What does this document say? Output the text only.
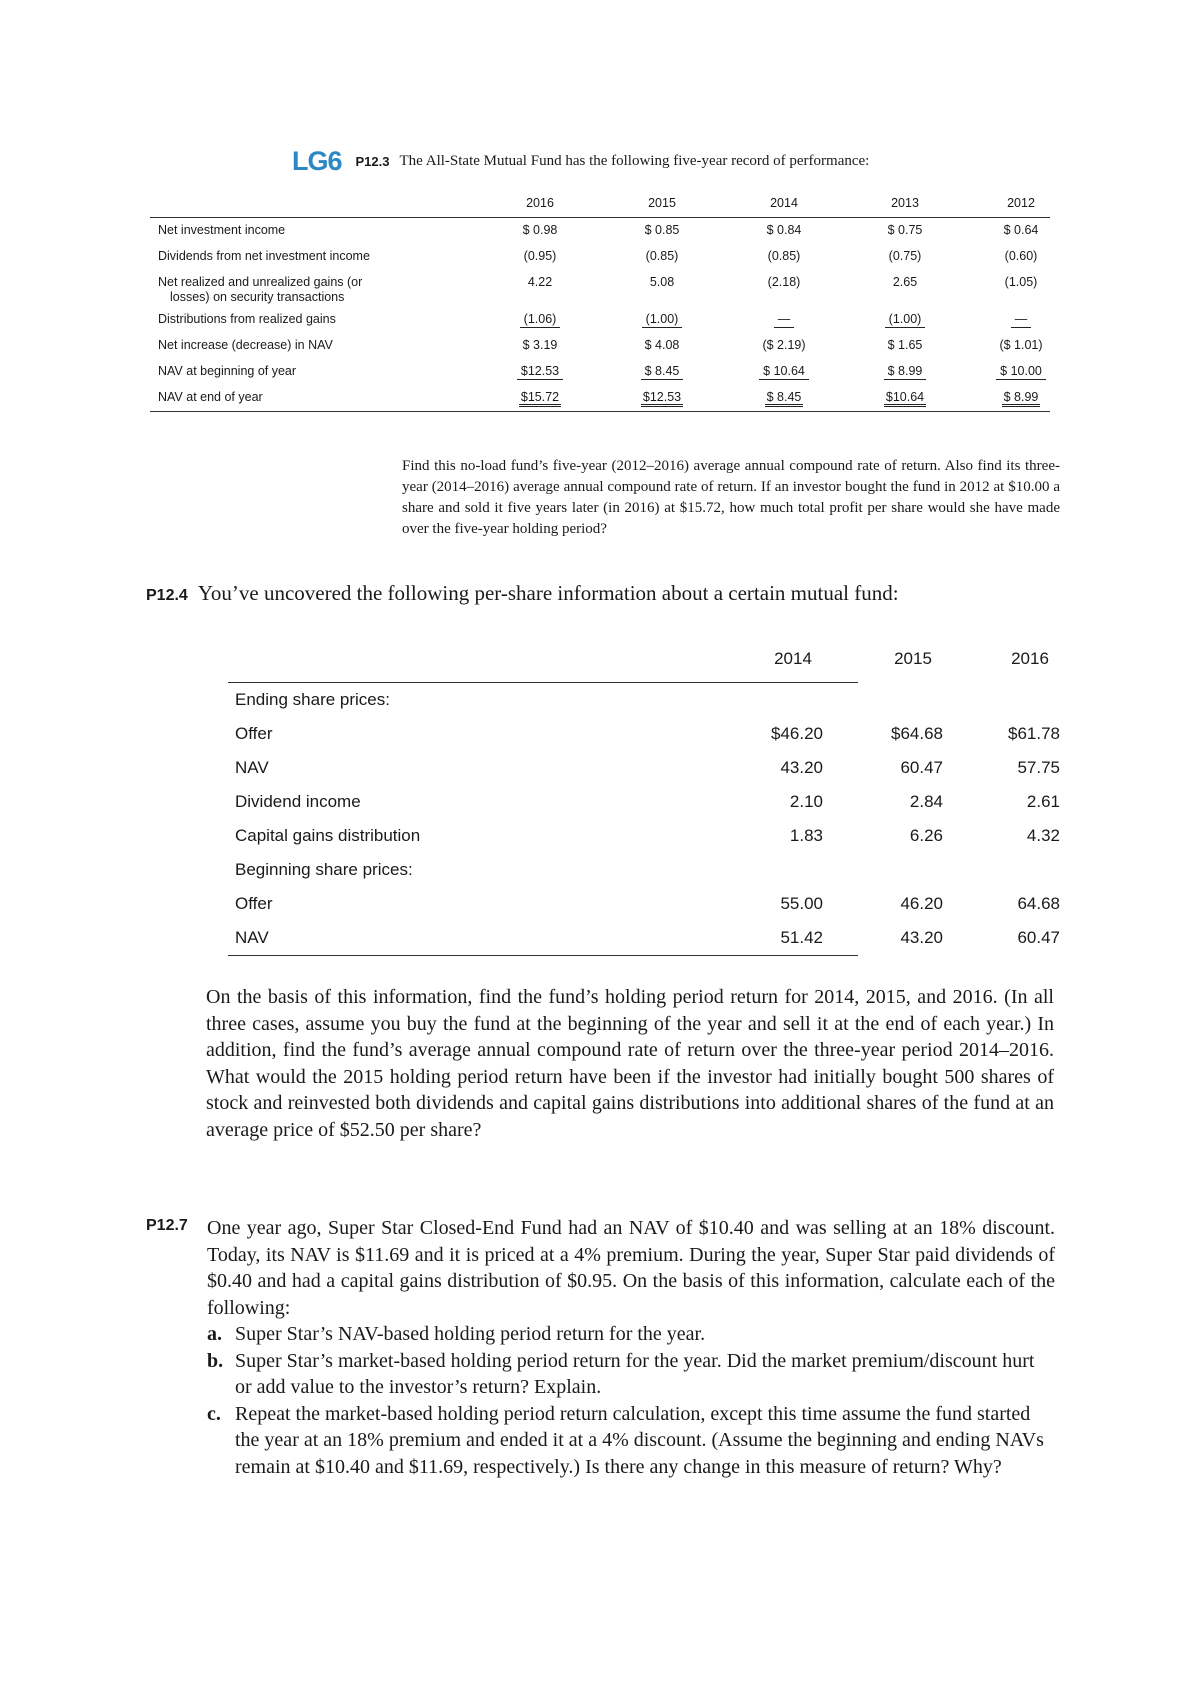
LG6 P12.3 The All-State Mutual Fund has the following five-year record of performance:
2016	2015	2014	2013	2012
Net investment income	$ 0.98	$ 0.85	$ 0.84	$ 0.75	$ 0.64
Dividends from net investment income	(0.95)	(0.85)	(0.85)	(0.75)	(0.60)
Net realized and unrealized gains (or
losses) on security transactions
4.22	5.08	(2.18)	2.65	(1.05)
Distributions from realized gains	(1.06)	(1.00)	—	(1.00)	—
Net increase (decrease) in NAV	$ 3.19	$ 4.08	($ 2.19)	$ 1.65	($ 1.01)
NAV at beginning of year	$12.53	$ 8.45	$ 10.64	$ 8.99	$ 10.00
NAV at end of year	$15.72	$12.53	$ 8.45	$10.64	$ 8.99
Find this no-load fund’s five-year (2012–2016) average annual compound rate of return. Also find its three-year (2014–2016) average annual compound rate of return. If an investor bought the fund in 2012 at $10.00 a share and sold it five years later (in 2016) at $15.72, how much total profit per share would she have made over the five-year holding period?
P12.4 You’ve uncovered the following per-share information about a certain mutual fund:
2014	2015	2016
Ending share prices:
Offer	$46.20	$64.68	$61.78
NAV	43.20	60.47	57.75
Dividend income	2.10	2.84	2.61
Capital gains distribution	1.83	6.26	4.32
Beginning share prices:
Offer	55.00	46.20	64.68
NAV	51.42	43.20	60.47
On the basis of this information, find the fund’s holding period return for 2014, 2015, and 2016. (In all three cases, assume you buy the fund at the beginning of the year and sell it at the end of each year.) In addition, find the fund’s average annual compound rate of return over the three-year period 2014–2016. What would the 2015 holding period return have been if the investor had initially bought 500 shares of stock and reinvested both dividends and capital gains distributions into additional shares of the fund at an average price of $52.50 per share?
P12.7 One year ago, Super Star Closed-End Fund had an NAV of $10.40 and was selling at an 18% discount. Today, its NAV is $11.69 and it is priced at a 4% premium. During the year, Super Star paid dividends of $0.40 and had a capital gains distribution of $0.95. On the basis of this information, calculate each of the following:
a. Super Star’s NAV-based holding period return for the year.
b. Super Star’s market-based holding period return for the year. Did the market premium/discount hurt or add value to the investor’s return? Explain.
c. Repeat the market-based holding period return calculation, except this time assume the fund started the year at an 18% premium and ended it at a 4% discount. (Assume the beginning and ending NAVs remain at $10.40 and $11.69, respectively.) Is there any change in this measure of return? Why?
